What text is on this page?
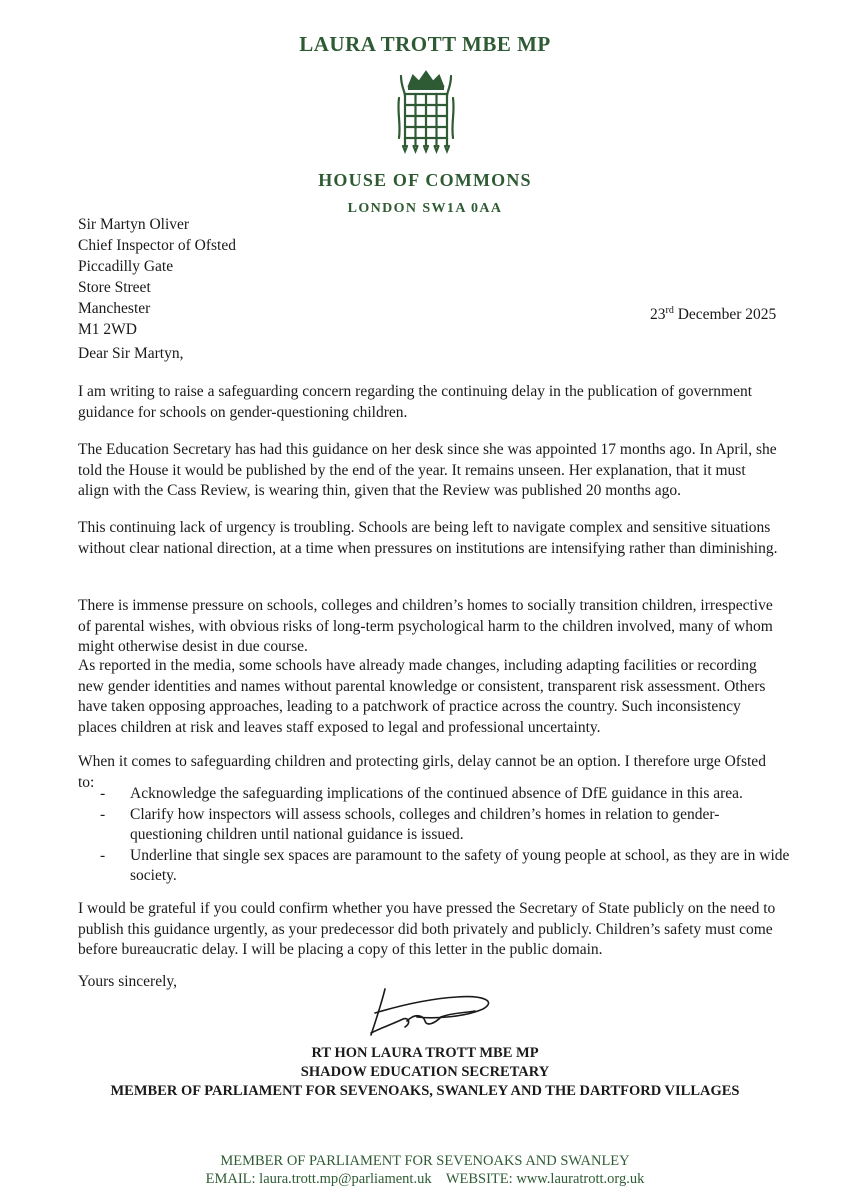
LAURA TROTT MBE MP
HOUSE OF COMMONS
LONDON SW1A 0AA
Sir Martyn Oliver
Chief Inspector of Ofsted
Piccadilly Gate
Store Street
Manchester
M1 2WD
23rd December 2025
Dear Sir Martyn,
I am writing to raise a safeguarding concern regarding the continuing delay in the publication of government guidance for schools on gender-questioning children.
The Education Secretary has had this guidance on her desk since she was appointed 17 months ago. In April, she told the House it would be published by the end of the year. It remains unseen. Her explanation, that it must align with the Cass Review, is wearing thin, given that the Review was published 20 months ago.
This continuing lack of urgency is troubling. Schools are being left to navigate complex and sensitive situations without clear national direction, at a time when pressures on institutions are intensifying rather than diminishing.
There is immense pressure on schools, colleges and children’s homes to socially transition children, irrespective of parental wishes, with obvious risks of long-term psychological harm to the children involved, many of whom might otherwise desist in due course.
As reported in the media, some schools have already made changes, including adapting facilities or recording new gender identities and names without parental knowledge or consistent, transparent risk assessment. Others have taken opposing approaches, leading to a patchwork of practice across the country. Such inconsistency places children at risk and leaves staff exposed to legal and professional uncertainty.
When it comes to safeguarding children and protecting girls, delay cannot be an option. I therefore urge Ofsted to:
-	Acknowledge the safeguarding implications of the continued absence of DfE guidance in this area.
-	Clarify how inspectors will assess schools, colleges and children’s homes in relation to gender-questioning children until national guidance is issued.
-	Underline that single sex spaces are paramount to the safety of young people at school, as they are in wide society.
I would be grateful if you could confirm whether you have pressed the Secretary of State publicly on the need to publish this guidance urgently, as your predecessor did both privately and publicly. Children’s safety must come before bureaucratic delay. I will be placing a copy of this letter in the public domain.
Yours sincerely,
RT HON LAURA TROTT MBE MP
SHADOW EDUCATION SECRETARY
MEMBER OF PARLIAMENT FOR SEVENOAKS, SWANLEY AND THE DARTFORD VILLAGES
MEMBER OF PARLIAMENT FOR SEVENOAKS AND SWANLEY
EMAIL: laura.trott.mp@parliament.uk WEBSITE: www.lauratrott.org.uk
